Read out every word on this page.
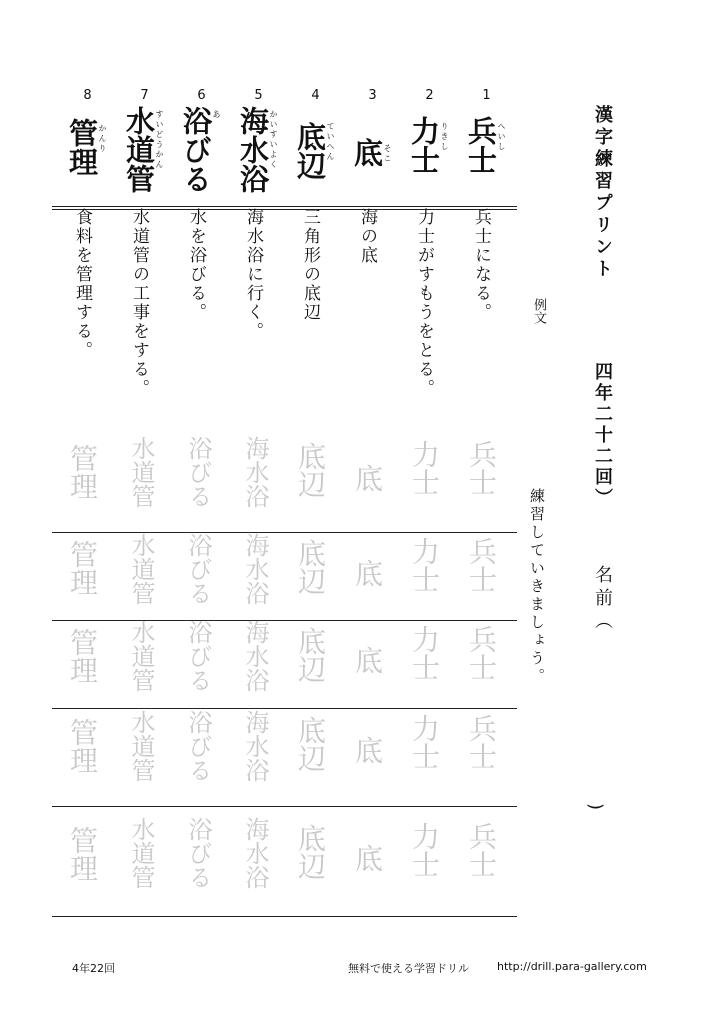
漢字練習プリント
四年二十二回︶
名前︵
)
例文
練習していきましょう。
1
兵士 へいし
兵士になる。
兵士
兵士
兵士
兵士
兵士
2
力士 りきし
力士がすもうをとる。
力士
力士
力士
力士
力士
3
底 そこ
海の底
底
底
底
底
底
4
底辺 ていへん
三角形の底辺
底辺
底辺
底辺
底辺
底辺
5
海水浴 かいすいよく
海水浴に行く。
海水浴
海水浴
海水浴
海水浴
海水浴
6
浴びる あ
水を浴びる。
浴びる
浴びる
浴びる
浴びる
浴びる
7
水道管 すいどうかん
水道管の工事をする。
水道管
水道管
水道管
水道管
水道管
8
管理 かんり
食料を管理する。
管理
管理
管理
管理
管理
4年22回	無料で使える学習ドリル	http://drill.para-gallery.com
